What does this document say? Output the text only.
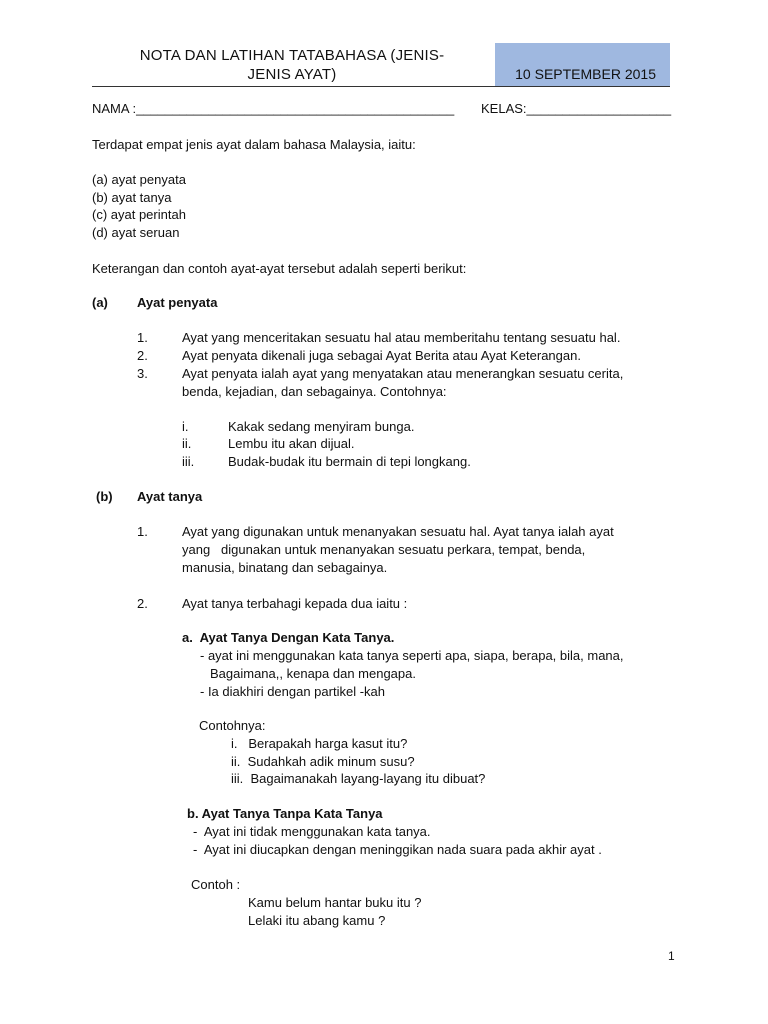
NOTA DAN LATIHAN TATABAHASA (JENIS-
JENIS AYAT)	10 SEPTEMBER 2015
NAMA :____________________________________________ KELAS:____________________
Terdapat empat jenis ayat dalam bahasa Malaysia, iaitu:
(a) ayat penyata
(b) ayat tanya
(c) ayat perintah
(d) ayat seruan
Keterangan dan contoh ayat-ayat tersebut adalah seperti berikut:
(a) Ayat penyata
1.	Ayat yang menceritakan sesuatu hal atau memberitahu tentang sesuatu hal.
2.	Ayat penyata dikenali juga sebagai Ayat Berita atau Ayat Keterangan.
3.	Ayat penyata ialah ayat yang menyatakan atau menerangkan sesuatu cerita,
benda, kejadian, dan sebagainya. Contohnya:
i.	Kakak sedang menyiram bunga.
ii.	Lembu itu akan dijual.
iii.	Budak-budak itu bermain di tepi longkang.
(b) Ayat tanya
1.	Ayat yang digunakan untuk menanyakan sesuatu hal. Ayat tanya ialah ayat
yang   digunakan untuk menanyakan sesuatu perkara, tempat, benda,
manusia, binatang dan sebagainya.
2.	Ayat tanya terbahagi kepada dua iaitu :
a.  Ayat Tanya Dengan Kata Tanya.
- ayat ini menggunakan kata tanya seperti apa, siapa, berapa, bila, mana,
Bagaimana,, kenapa dan mengapa.
- Ia diakhiri dengan partikel -kah
Contohnya:
i.   Berapakah harga kasut itu?
ii.  Sudahkah adik minum susu?
iii.  Bagaimanakah layang-layang itu dibuat?
b. Ayat Tanya Tanpa Kata Tanya
-  Ayat ini tidak menggunakan kata tanya.
-  Ayat ini diucapkan dengan meninggikan nada suara pada akhir ayat .
Contoh :
Kamu belum hantar buku itu ?
Lelaki itu abang kamu ?
1
